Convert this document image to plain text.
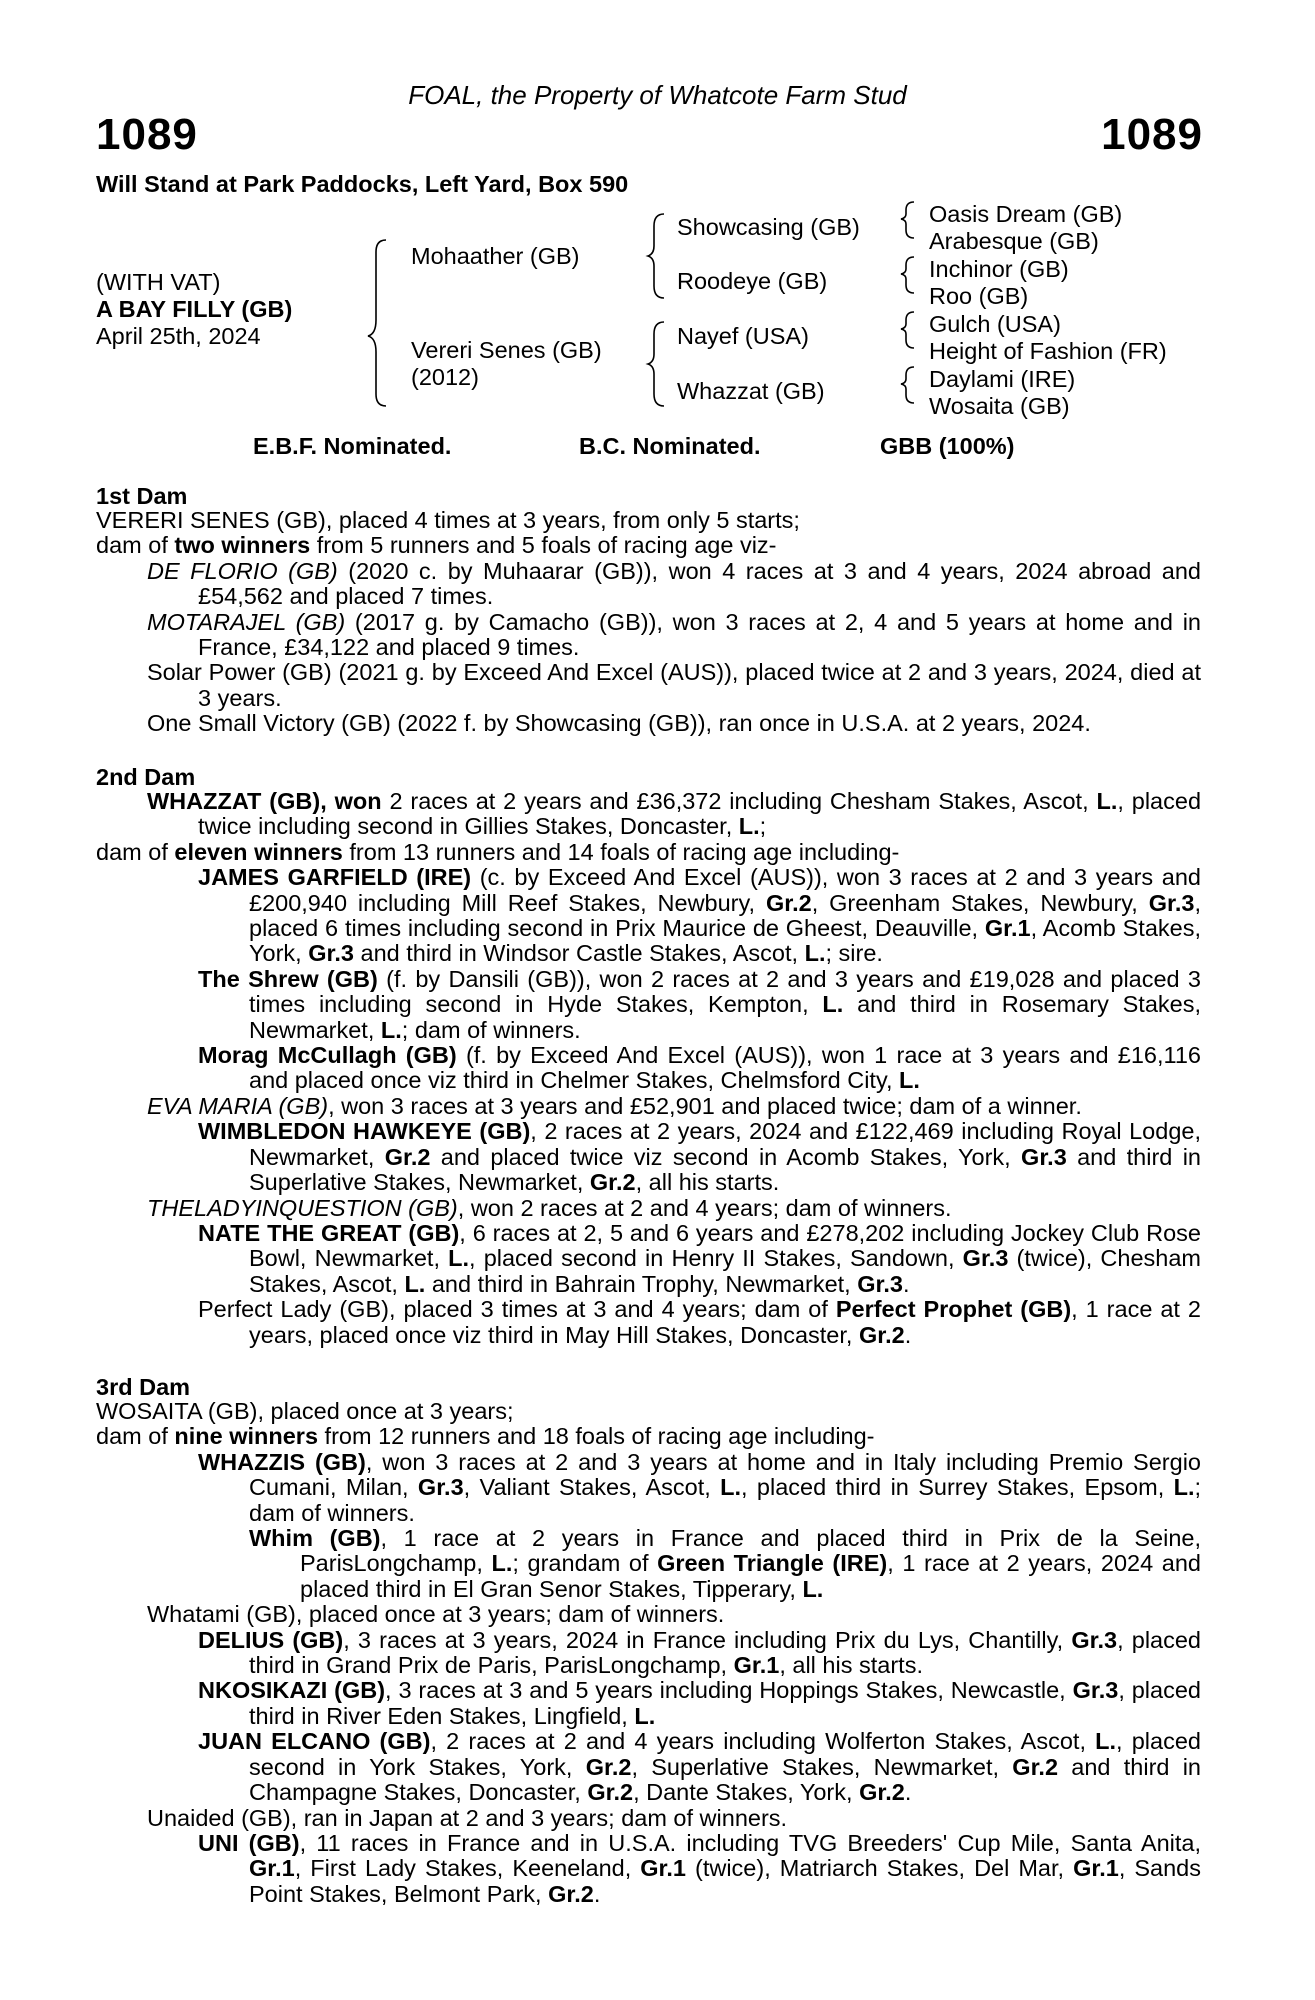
FOAL, the Property of Whatcote Farm Stud
1089	1089
Will Stand at Park Paddocks, Left Yard, Box 590
(WITH VAT)
A BAY FILLY (GB)
April 25th, 2024
Mohaather (GB)
Vereri Senes (GB)
(2012)
Showcasing (GB)
Roodeye (GB)
Nayef (USA)
Whazzat (GB)
Oasis Dream (GB)
Arabesque (GB)
Inchinor (GB)
Roo (GB)
Gulch (USA)
Height of Fashion (FR)
Daylami (IRE)
Wosaita (GB)
E.B.F. Nominated.	B.C. Nominated.	GBB (100%)
1st Dam

VERERI SENES (GB), placed 4 times at 3 years, from only 5 starts;

dam of two winners from 5 runners and 5 foals of racing age viz-

DE FLORIO (GB) (2020 c. by Muhaarar (GB)), won 4 races at 3 and 4 years, 2024 abroad and £54,562 and placed 7 times.

MOTARAJEL (GB) (2017 g. by Camacho (GB)), won 3 races at 2, 4 and 5 years at home and in France, £34,122 and placed 9 times.

Solar Power (GB) (2021 g. by Exceed And Excel (AUS)), placed twice at 2 and 3 years, 2024, died at 3 years.

One Small Victory (GB) (2022 f. by Showcasing (GB)), ran once in U.S.A. at 2 years, 2024.

2nd Dam

WHAZZAT (GB), won 2 races at 2 years and £36,372 including Chesham Stakes, Ascot, L., placed twice including second in Gillies Stakes, Doncaster, L.;

dam of eleven winners from 13 runners and 14 foals of racing age including-

JAMES GARFIELD (IRE) (c. by Exceed And Excel (AUS)), won 3 races at 2 and 3 years and £200,940 including Mill Reef Stakes, Newbury, Gr.2, Greenham Stakes, Newbury, Gr.3, placed 6 times including second in Prix Maurice de Gheest, Deauville, Gr.1, Acomb Stakes, York, Gr.3 and third in Windsor Castle Stakes, Ascot, L.; sire.

The Shrew (GB) (f. by Dansili (GB)), won 2 races at 2 and 3 years and £19,028 and placed 3 times including second in Hyde Stakes, Kempton, L. and third in Rosemary Stakes, Newmarket, L.; dam of winners.

Morag McCullagh (GB) (f. by Exceed And Excel (AUS)), won 1 race at 3 years and £16,116 and placed once viz third in Chelmer Stakes, Chelmsford City, L.

EVA MARIA (GB), won 3 races at 3 years and £52,901 and placed twice; dam of a winner.

WIMBLEDON HAWKEYE (GB), 2 races at 2 years, 2024 and £122,469 including Royal Lodge, Newmarket, Gr.2 and placed twice viz second in Acomb Stakes, York, Gr.3 and third in Superlative Stakes, Newmarket, Gr.2, all his starts.

THELADYINQUESTION (GB), won 2 races at 2 and 4 years; dam of winners.

NATE THE GREAT (GB), 6 races at 2, 5 and 6 years and £278,202 including Jockey Club Rose Bowl, Newmarket, L., placed second in Henry II Stakes, Sandown, Gr.3 (twice), Chesham Stakes, Ascot, L. and third in Bahrain Trophy, Newmarket, Gr.3.

Perfect Lady (GB), placed 3 times at 3 and 4 years; dam of Perfect Prophet (GB), 1 race at 2 years, placed once viz third in May Hill Stakes, Doncaster, Gr.2.

3rd Dam

WOSAITA (GB), placed once at 3 years;

dam of nine winners from 12 runners and 18 foals of racing age including-

WHAZZIS (GB), won 3 races at 2 and 3 years at home and in Italy including Premio Sergio Cumani, Milan, Gr.3, Valiant Stakes, Ascot, L., placed third in Surrey Stakes, Epsom, L.; dam of winners.

Whim (GB), 1 race at 2 years in France and placed third in Prix de la Seine, ParisLongchamp, L.; grandam of Green Triangle (IRE), 1 race at 2 years, 2024 and placed third in El Gran Senor Stakes, Tipperary, L.

Whatami (GB), placed once at 3 years; dam of winners.

DELIUS (GB), 3 races at 3 years, 2024 in France including Prix du Lys, Chantilly, Gr.3, placed third in Grand Prix de Paris, ParisLongchamp, Gr.1, all his starts.

NKOSIKAZI (GB), 3 races at 3 and 5 years including Hoppings Stakes, Newcastle, Gr.3, placed third in River Eden Stakes, Lingfield, L.

JUAN ELCANO (GB), 2 races at 2 and 4 years including Wolferton Stakes, Ascot, L., placed second in York Stakes, York, Gr.2, Superlative Stakes, Newmarket, Gr.2 and third in Champagne Stakes, Doncaster, Gr.2, Dante Stakes, York, Gr.2.

Unaided (GB), ran in Japan at 2 and 3 years; dam of winners.

UNI (GB), 11 races in France and in U.S.A. including TVG Breeders' Cup Mile, Santa Anita, Gr.1, First Lady Stakes, Keeneland, Gr.1 (twice), Matriarch Stakes, Del Mar, Gr.1, Sands Point Stakes, Belmont Park, Gr.2.
